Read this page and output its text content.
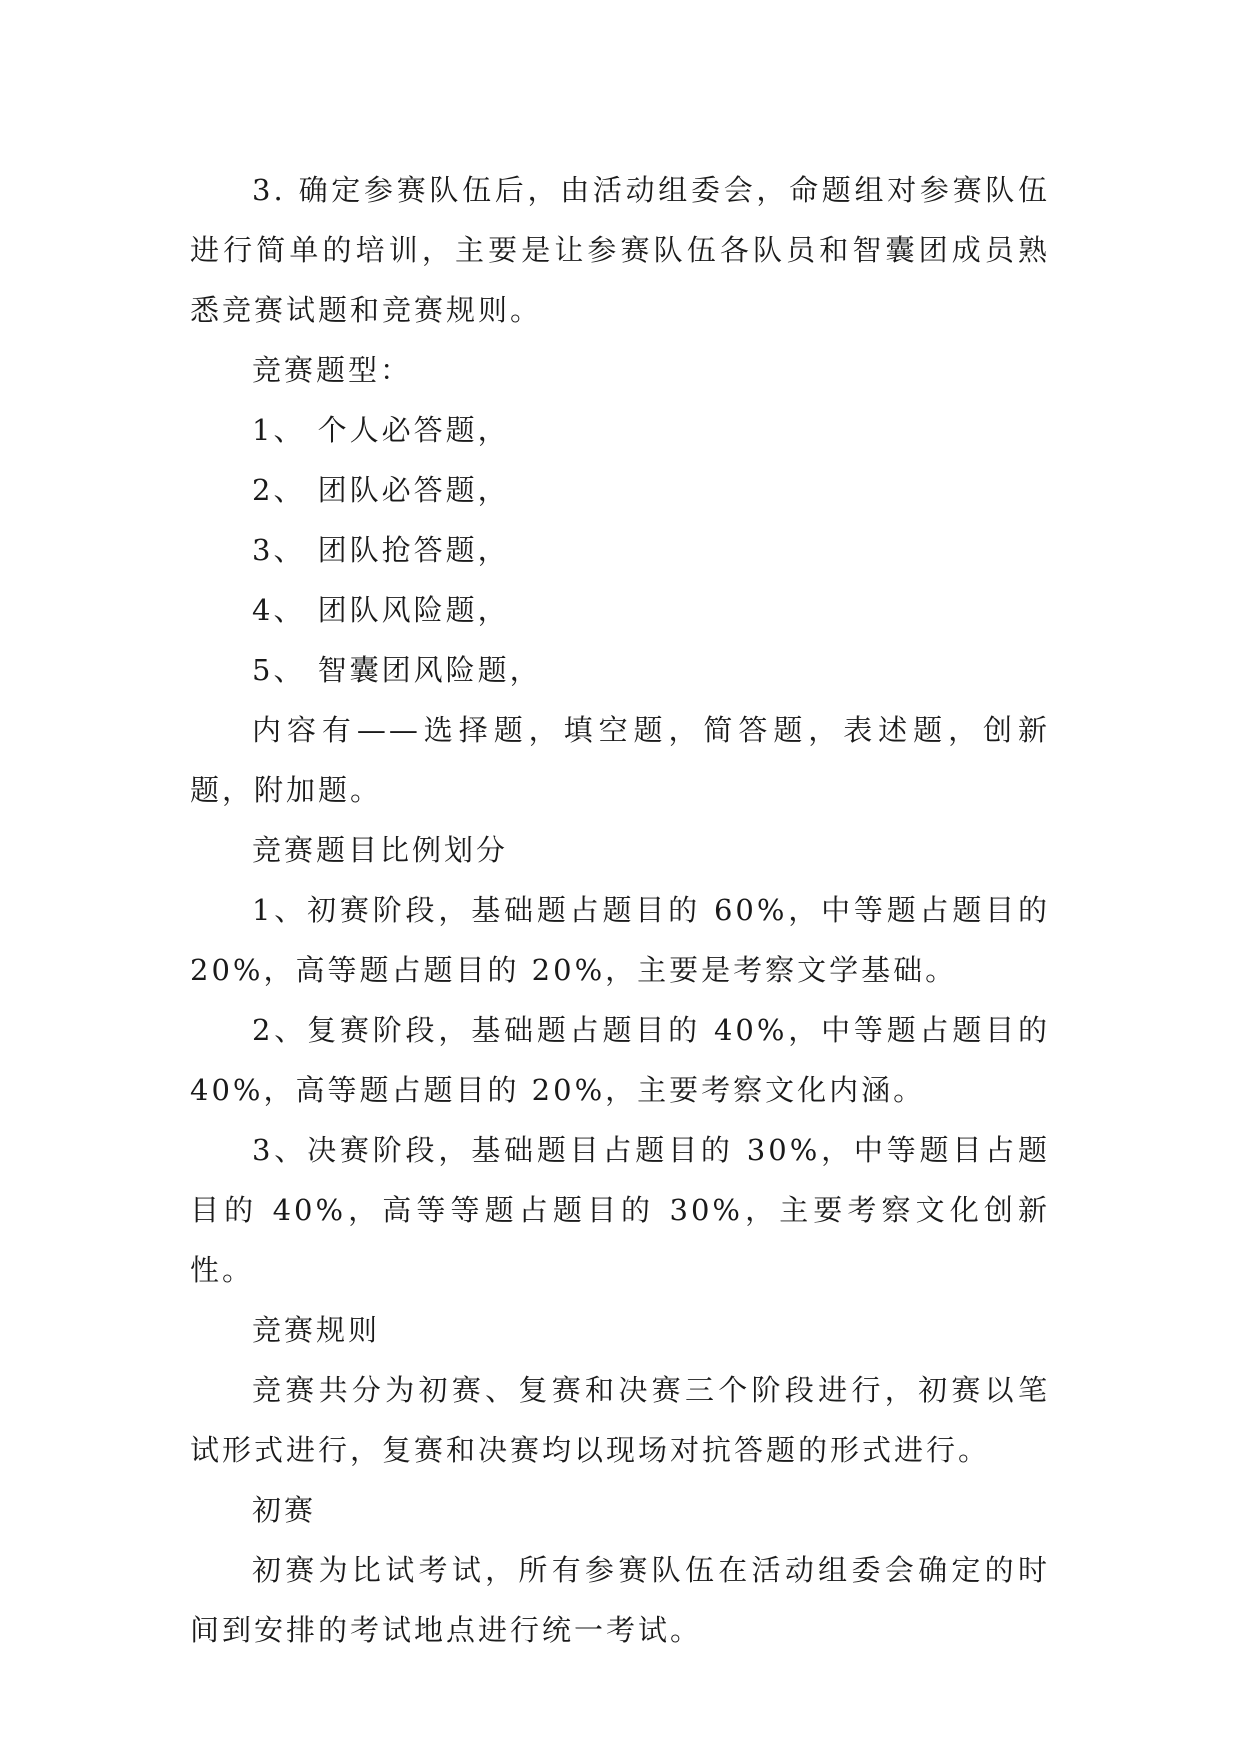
3. 确定参赛队伍后，由活动组委会，命题组对参赛队伍进行简单的培训，主要是让参赛队伍各队员和智囊团成员熟悉竞赛试题和竞赛规则。

竞赛题型：

1、 个人必答题，

2、 团队必答题，

3、 团队抢答题，

4、 团队风险题，

5、 智囊团风险题，

内容有——选择题，填空题，简答题，表述题，创新题，附加题。

竞赛题目比例划分

1、初赛阶段，基础题占题目的 60%，中等题占题目的20%，高等题占题目的 20%，主要是考察文学基础。

2、复赛阶段，基础题占题目的 40%，中等题占题目的40%，高等题占题目的 20%，主要考察文化内涵。

3、决赛阶段，基础题目占题目的 30%，中等题目占题目的 40%，高等等题占题目的 30%，主要考察文化创新性。

竞赛规则

竞赛共分为初赛、复赛和决赛三个阶段进行，初赛以笔试形式进行，复赛和决赛均以现场对抗答题的形式进行。

初赛

初赛为比试考试，所有参赛队伍在活动组委会确定的时间到安排的考试地点进行统一考试。
